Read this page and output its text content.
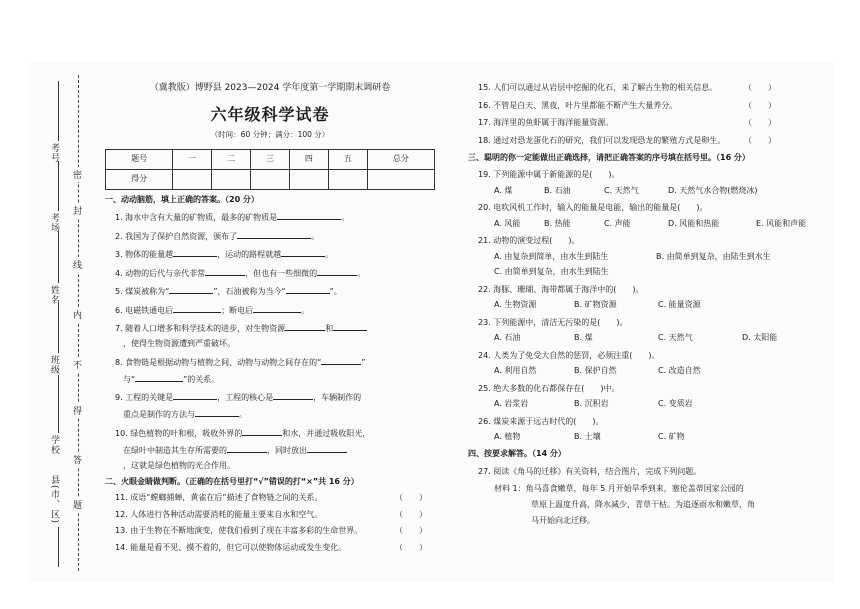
密
封
线
内
不
得
答
题
考号
考场
姓名
班级
学校
县(市、区)
（冀教版）博野县 2023—2024 学年度第一学期期末调研卷
六年级科学试卷
（时间：60 分钟；满分：100 分）
题号	一	二	三	四	五	总分
得分						
一、动动脑筋，填上正确的答案。（20 分）
1. 海水中含有大量的矿物质，最多的矿物质是	。
2. 我国为了保护自然资源，颁布了	。
3. 物体的能量越	，运动的路程就越	。
4. 动物的后代与亲代非常	，但也有一些细微的	。
5. 煤炭被称为“	”，石油被称为当今“	”。
6. 电磁铁通电后	；断电后	。
7. 随着人口增多和科学技术的进步，对生物资源	和
，使得生物资源遭到严重破坏。
8. 食物链是根据动物与植物之间、动物与动物之间存在的“	”
与“	”的关系。
9. 工程的关键是	，工程的核心是	，车辆制作的
重点是制作的方法与	。
10. 绿色植物的叶和根，吸收外界的	和水，并通过吸收阳光，
在绿叶中制造其生存所需要的	，同时放出
，这就是绿色植物的光合作用。
二、火眼金睛做判断。（正确的在括号里打“√”错误的打“×”共 16 分）
11. 成语“螳螂捕蝉，黄雀在后”描述了食物链之间的关系。	（　　）
12. 人体进行各种活动需要消耗的能量主要来自水和空气。	（　　）
13. 由于生物在不断地演变，使我们看到了现在丰富多彩的生命世界。	（　　）
14. 能量是看不见、摸不着的，但它可以使物体运动或发生变化。	（　　）
15. 人们可以通过从岩层中挖掘的化石，来了解古生物的相关信息。	（　　）
16. 不管是白天、黑夜，叶片里都能不断产生大量养分。	（　　）
17. 海洋里的鱼虾属于海洋能量资源。	（　　）
18. 通过对恐龙蛋化石的研究，我们可以发现恐龙的繁殖方式是卵生。 （　　）
三、聪明的你一定能做出正确选择，请把正确答案的序号填在括号里。（16 分）
19. 下列能源中属于新能源的是(　　)。
A. 煤	B. 石油	C. 天然气	D. 天然气水合物(燃烧冰)
20. 电吹风机工作时，输入的能量是电能，输出的能量是(　　)。
A. 风能	B. 热能	C. 声能	D. 风能和热能	E. 风能和声能
21. 动物的演变过程(　　)。
A. 由复杂到简单，由水生到陆生	B. 由简单到复杂，由陆生到水生
C. 由简单到复杂，由水生到陆生
22. 海豚、珊瑚、海带都属于海洋中的(　　)。
A. 生物资源	B. 矿物资源	C. 能量资源
23. 下列能源中，清洁无污染的是(　　)。
A. 石油	B. 煤	C. 天然气	D. 太阳能
24. 人类为了免受大自然的惩罚，必须注重(　　)。
A. 利用自然	B. 保护自然	C. 改造自然
25. 绝大多数的化石都保存在(　　)中。
A. 岩浆岩	B. 沉积岩	C. 变质岩
26. 煤炭来源于远古时代的(　　)。
A. 植物	B. 土壤	C. 矿物
四、按要求解答。（14 分）
27. 阅读《角马的迁移》有关资料，结合图片，完成下列问题。
材料 1：角马喜食嫩草，每年 5 月开始旱季到来，塞伦盖蒂国家公园的
草原上温度升高，降水减少，青草干枯。为追逐雨水和嫩草，角
马开始向北迁移。
